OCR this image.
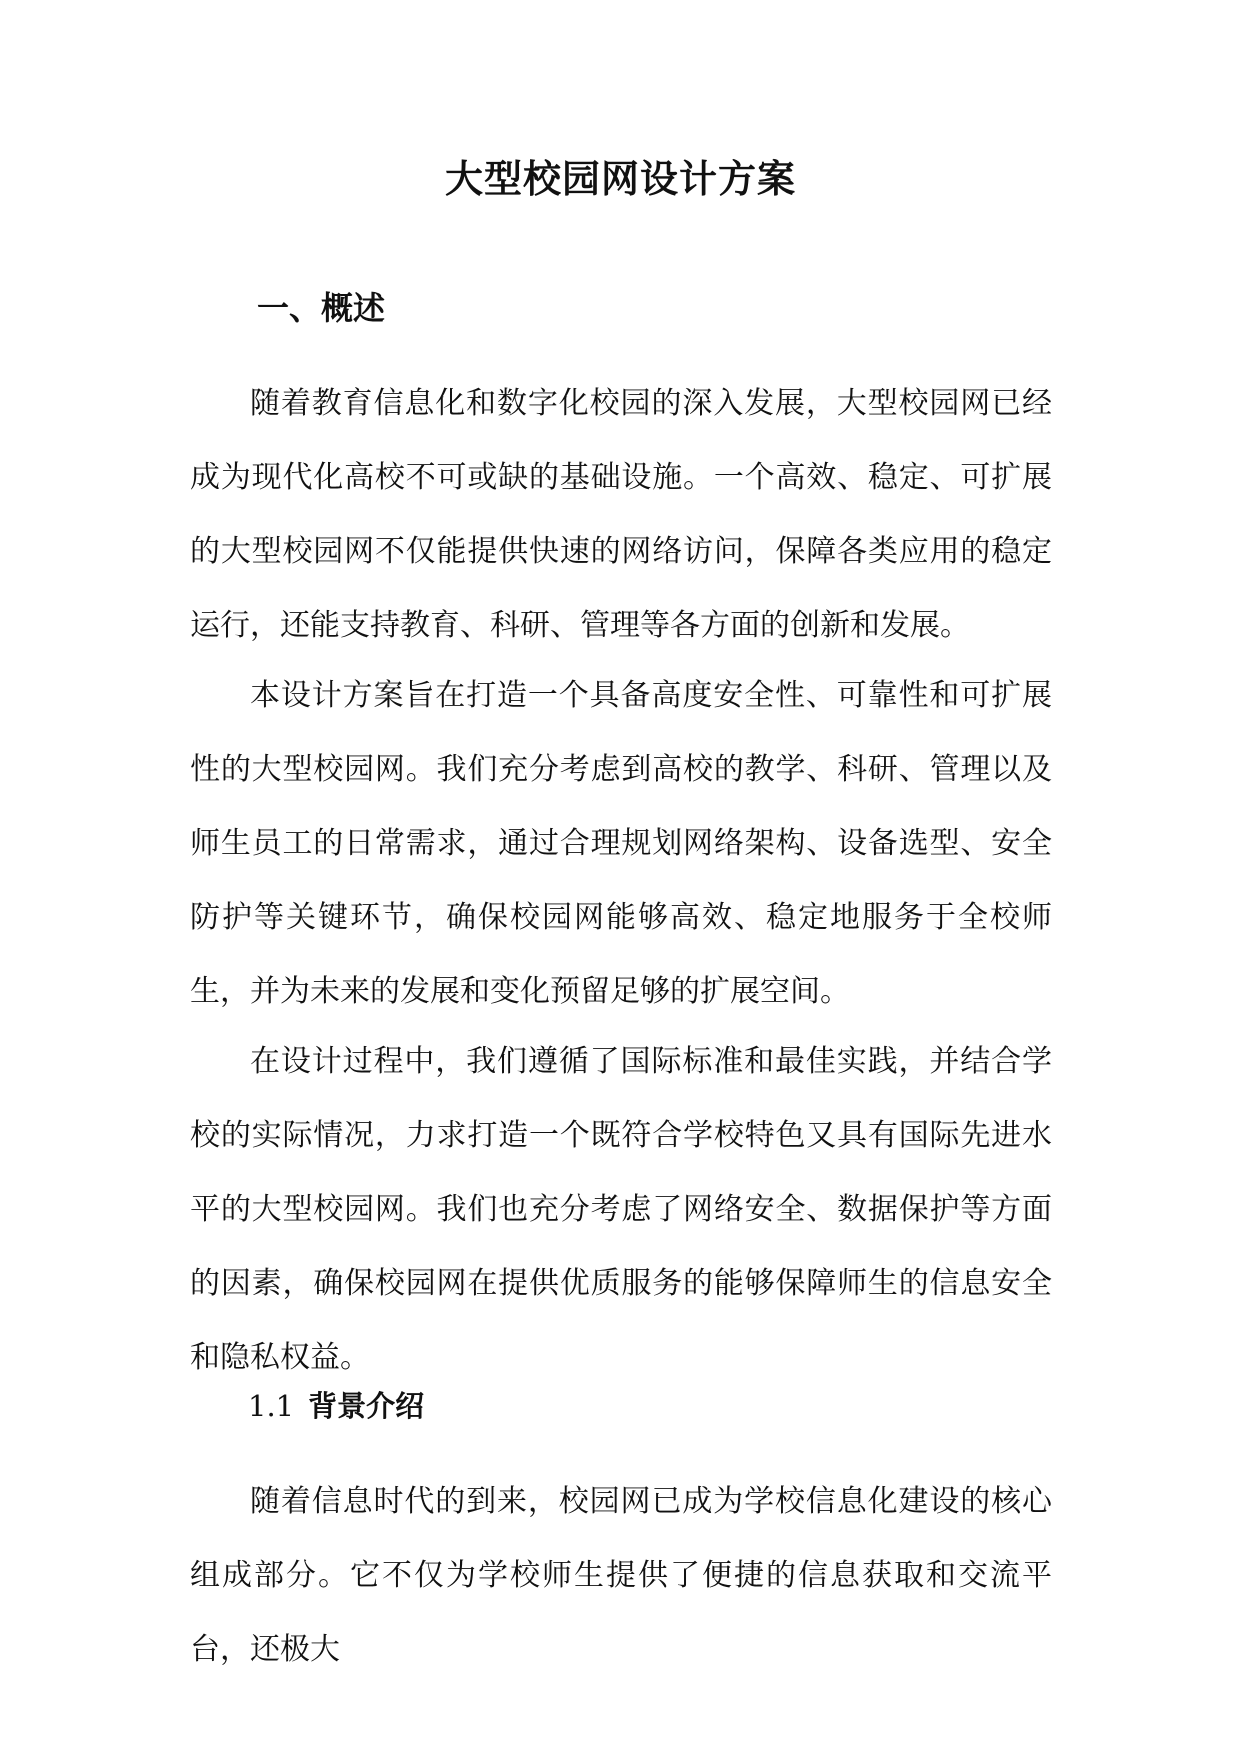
大型校园网设计方案
一、概述

随着教育信息化和数字化校园的深入发展，大型校园网已经成为现代化高校不可或缺的基础设施。一个高效、稳定、可扩展的大型校园网不仅能提供快速的网络访问，保障各类应用的稳定运行，还能支持教育、科研、管理等各方面的创新和发展。

本设计方案旨在打造一个具备高度安全性、可靠性和可扩展性的大型校园网。我们充分考虑到高校的教学、科研、管理以及师生员工的日常需求，通过合理规划网络架构、设备选型、安全防护等关键环节，确保校园网能够高效、稳定地服务于全校师生，并为未来的发展和变化预留足够的扩展空间。

在设计过程中，我们遵循了国际标准和最佳实践，并结合学校的实际情况，力求打造一个既符合学校特色又具有国际先进水平的大型校园网。我们也充分考虑了网络安全、数据保护等方面的因素，确保校园网在提供优质服务的能够保障师生的信息安全和隐私权益。

1.1 背景介绍

随着信息时代的到来，校园网已成为学校信息化建设的核心组成部分。它不仅为学校师生提供了便捷的信息获取和交流平台，还极大
